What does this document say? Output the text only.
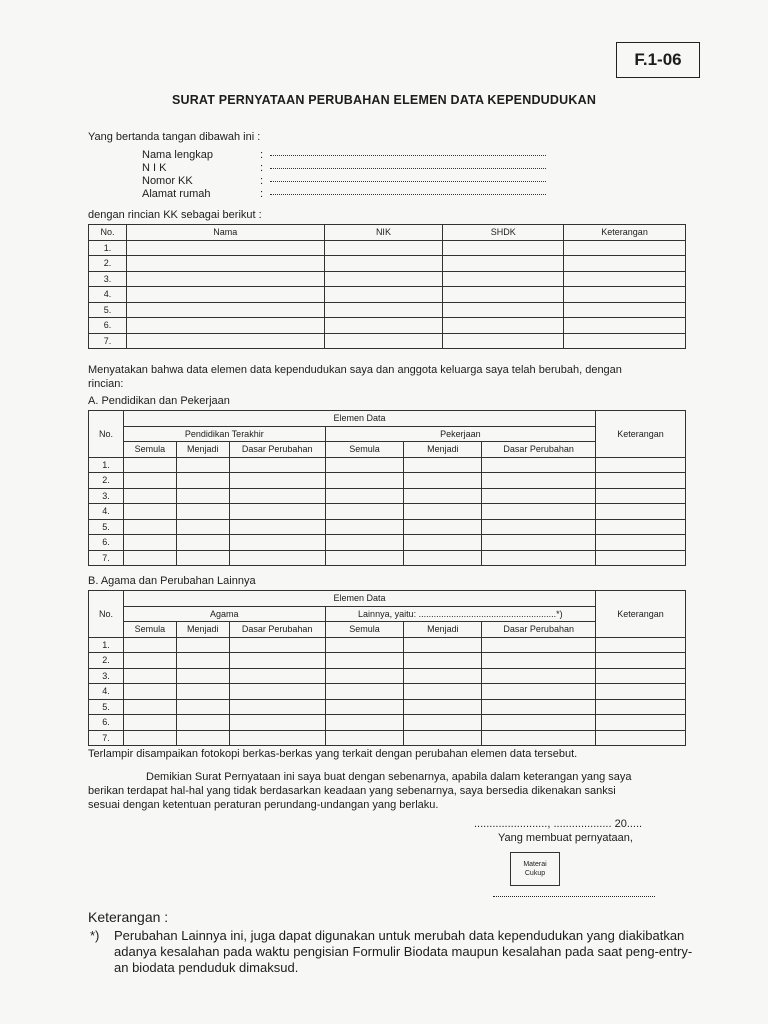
F.1-06
SURAT PERNYATAAN PERUBAHAN ELEMEN DATA KEPENDUDUKAN
Yang bertanda tangan dibawah ini :
Nama lengkap	:
N I K	:
Nomor KK	:
Alamat rumah	:
dengan rincian KK sebagai berikut :
No.	Nama	NIK	SHDK	Keterangan
1.				
2.				
3.				
4.				
5.				
6.				
7.				
Menyatakan bahwa data elemen data kependudukan saya dan anggota keluarga saya telah berubah, dengan rincian:
A. Pendidikan dan Pekerjaan
No.	Elemen Data						Keterangan
	Pendidikan Terakhir			Pekerjaan			
	Semula	Menjadi	Dasar Perubahan	Semula	Menjadi	Dasar Perubahan	
1.							
2.							
3.							
4.							
5.							
6.							
7.							
B. Agama dan Perubahan Lainnya
No.	Elemen Data						Keterangan
	Agama			Lainnya, yaitu: .......................................................*)			
	Semula	Menjadi	Dasar Perubahan	Semula	Menjadi	Dasar Perubahan	
1.							
2.							
3.							
4.							
5.							
6.							
7.							
Terlampir disampaikan fotokopi berkas-berkas yang terkait dengan perubahan elemen data tersebut.
Demikian Surat Pernyataan ini saya buat dengan sebenarnya, apabila dalam keterangan yang saya
berikan terdapat hal-hal yang tidak berdasarkan keadaan yang sebenarnya, saya bersedia dikenakan sanksi
sesuai dengan ketentuan peraturan perundang-undangan yang berlaku.
........................, ................... 20.....
Yang membuat pernyataan,
Materai
Cukup
Keterangan :
*) Perubahan Lainnya ini, juga dapat digunakan untuk merubah data kependudukan yang diakibatkan adanya kesalahan pada waktu pengisian Formulir Biodata maupun kesalahan pada saat peng-entry-an biodata penduduk dimaksud.
